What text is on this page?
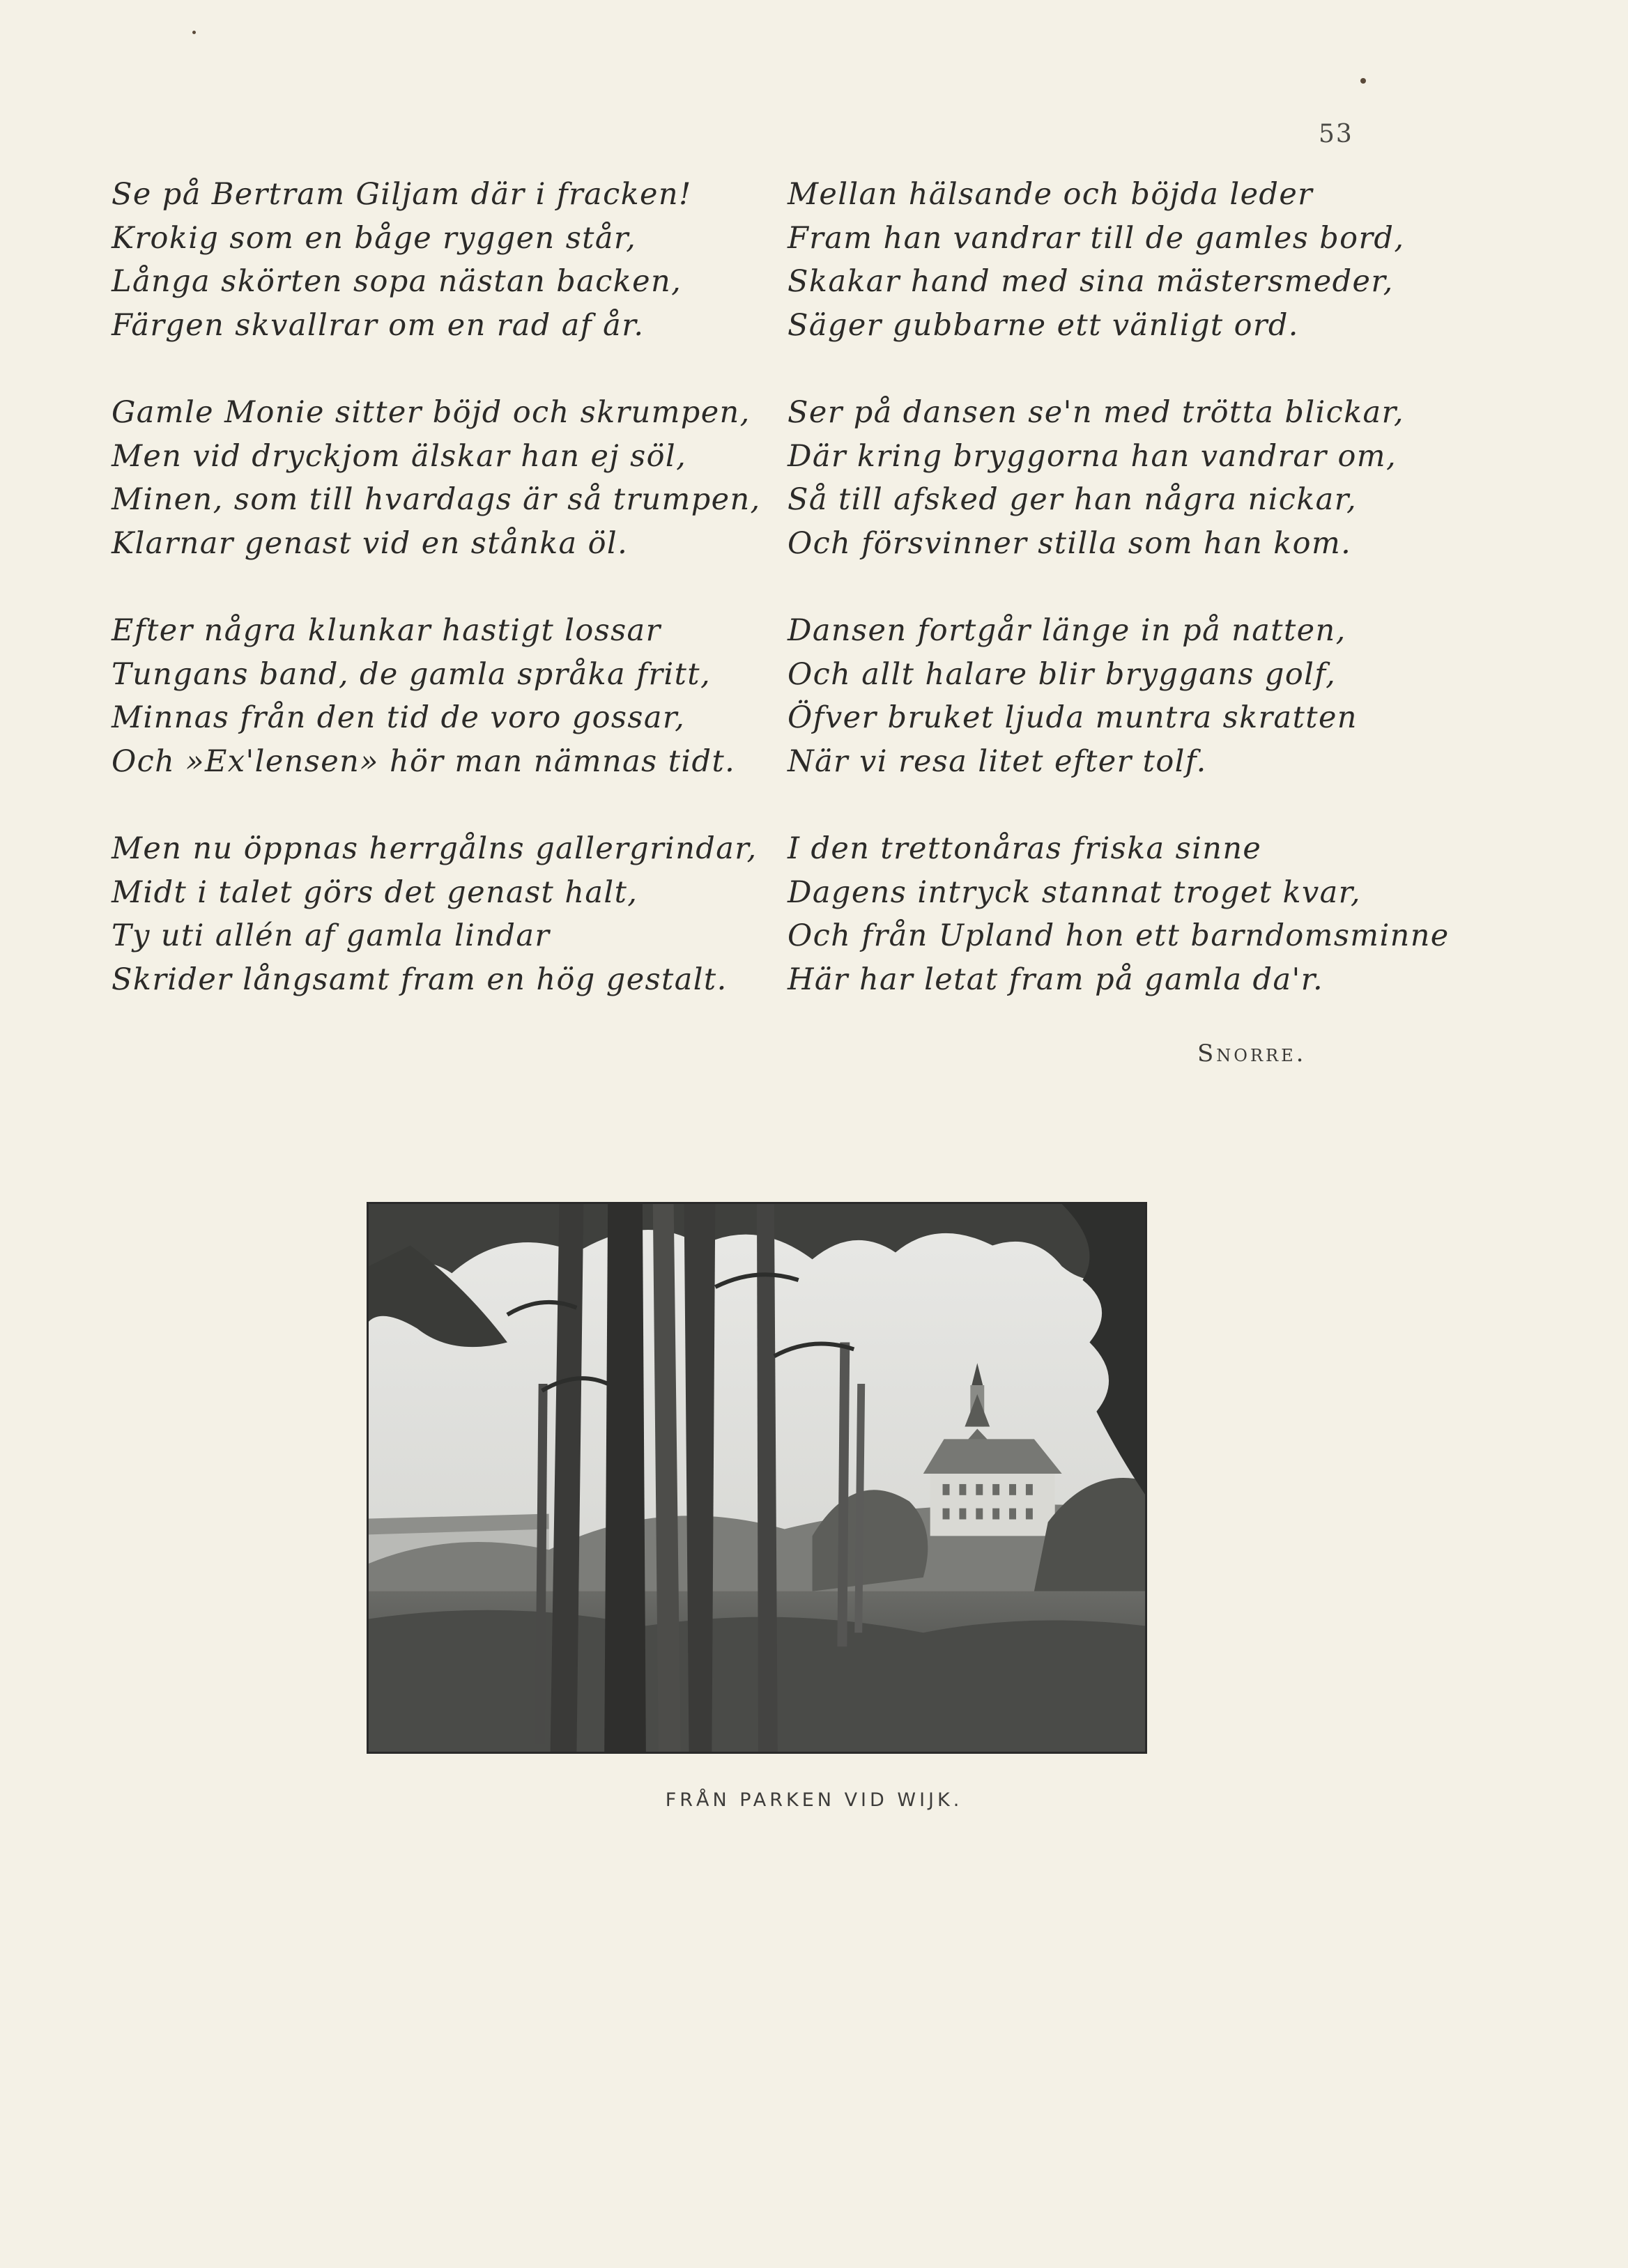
53
Se på Bertram Giljam där i fracken!
Krokig som en båge ryggen står,
Långa skörten sopa nästan backen,
Färgen skvallrar om en rad af år.
Gamle Monie sitter böjd och skrumpen,
Men vid dryckjom älskar han ej söl,
Minen, som till hvardags är så trumpen,
Klarnar genast vid en stånka öl.
Efter några klunkar hastigt lossar
Tungans band, de gamla språka fritt,
Minnas från den tid de voro gossar,
Och »Ex'lensen» hör man nämnas tidt.
Men nu öppnas herrgålns gallergrindar,
Midt i talet görs det genast halt,
Ty uti allén af gamla lindar
Skrider långsamt fram en hög gestalt.
Mellan hälsande och böjda leder
Fram han vandrar till de gamles bord,
Skakar hand med sina mästersmeder,
Säger gubbarne ett vänligt ord.
Ser på dansen se'n med trötta blickar,
Där kring bryggorna han vandrar om,
Så till afsked ger han några nickar,
Och försvinner stilla som han kom.
Dansen fortgår länge in på natten,
Och allt halare blir bryggans golf,
Öfver bruket ljuda muntra skratten
När vi resa litet efter tolf.
I den trettonåras friska sinne
Dagens intryck stannat troget kvar,
Och från Upland hon ett barndomsminne
Här har letat fram på gamla da'r.
Snorre.
FRÅN PARKEN VID WIJK.
